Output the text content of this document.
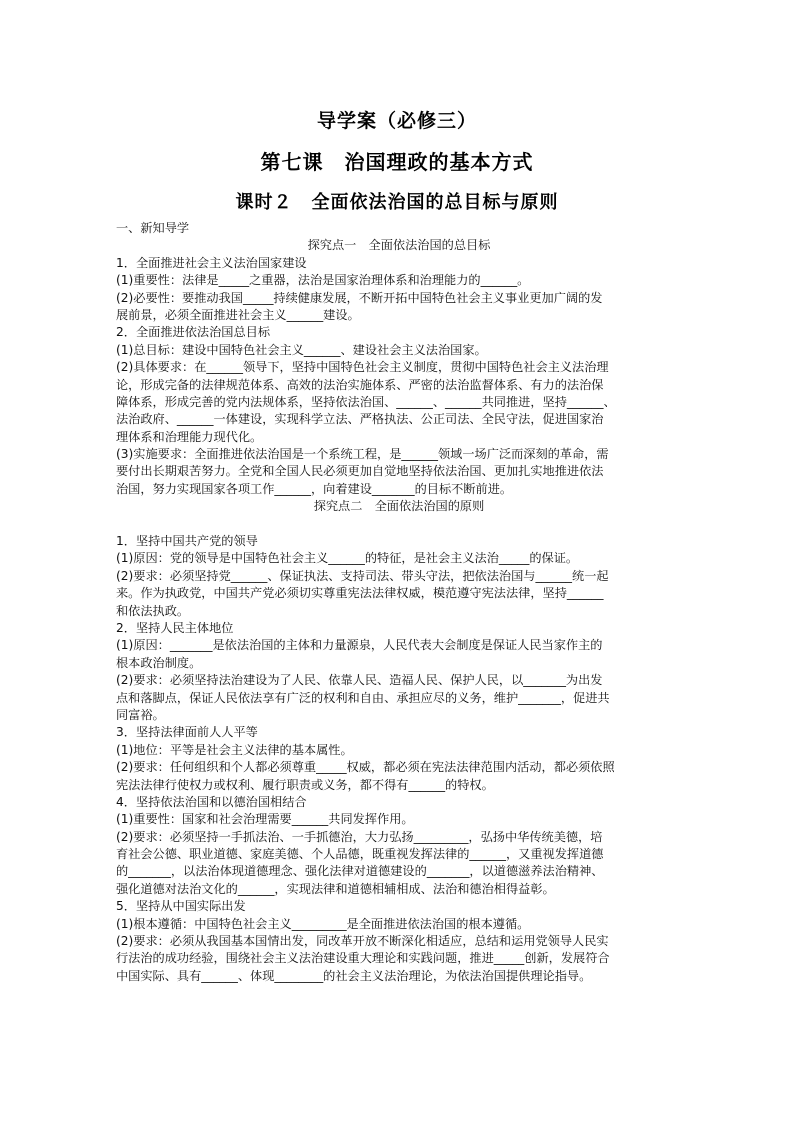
导学案（必修三）
第七课　治国理政的基本方式
课时２　全面依法治国的总目标与原则
一、新知导学
探究点一　全面依法治国的总目标
1．全面推进社会主义法治国家建设
(1)重要性：法律是_____之重器，法治是国家治理体系和治理能力的______。
(2)必要性：要推动我国_____持续健康发展，不断开拓中国特色社会主义事业更加广阔的发
展前景，必须全面推进社会主义______建设。
2．全面推进依法治国总目标
(1)总目标：建设中国特色社会主义______、建设社会主义法治国家。
(2)具体要求：在______领导下，坚持中国特色社会主义制度，贯彻中国特色社会主义法治理
论，形成完备的法律规范体系、高效的法治实施体系、严密的法治监督体系、有力的法治保
障体系，形成完善的党内法规体系，坚持依法治国、______、______共同推进，坚持______、
法治政府、______一体建设，实现科学立法、严格执法、公正司法、全民守法，促进国家治
理体系和治理能力现代化。
(3)实施要求：全面推进依法治国是一个系统工程，是______领域一场广泛而深刻的革命，需
要付出长期艰苦努力。全党和全国人民必须更加自觉地坚持依法治国、更加扎实地推进依法
治国，努力实现国家各项工作______，向着建设_______的目标不断前进。
探究点二　全面依法治国的原则
1．坚持中国共产党的领导
(1)原因：党的领导是中国特色社会主义______的特征，是社会主义法治_____的保证。
(2)要求：必须坚持党______、保证执法、支持司法、带头守法，把依法治国与______统一起
来。作为执政党，中国共产党必须切实尊重宪法法律权威，模范遵守宪法法律，坚持______
和依法执政。
2．坚持人民主体地位
(1)原因：_______是依法治国的主体和力量源泉，人民代表大会制度是保证人民当家作主的
根本政治制度。
(2)要求：必须坚持法治建设为了人民、依靠人民、造福人民、保护人民，以_______为出发
点和落脚点，保证人民依法享有广泛的权利和自由、承担应尽的义务，维护_______，促进共
同富裕。
3．坚持法律面前人人平等
(1)地位：平等是社会主义法律的基本属性。
(2)要求：任何组织和个人都必须尊重_____权威，都必须在宪法法律范围内活动，都必须依照
宪法法律行使权力或权利、履行职责或义务，都不得有______的特权。
4．坚持依法治国和以德治国相结合
(1)重要性：国家和社会治理需要______共同发挥作用。
(2)要求：必须坚持一手抓法治、一手抓德治，大力弘扬_________，弘扬中华传统美德，培
育社会公德、职业道德、家庭美德、个人品德，既重视发挥法律的______，又重视发挥道德
的_______，以法治体现道德理念、强化法律对道德建设的_______，以道德滋养法治精神、
强化道德对法治文化的______，实现法律和道德相辅相成、法治和德治相得益彰。
5．坚持从中国实际出发
(1)根本遵循：中国特色社会主义_________是全面推进依法治国的根本遵循。
(2)要求：必须从我国基本国情出发，同改革开放不断深化相适应，总结和运用党领导人民实
行法治的成功经验，围绕社会主义法治建设重大理论和实践问题，推进_____创新，发展符合
中国实际、具有______、体现________的社会主义法治理论，为依法治国提供理论指导。
